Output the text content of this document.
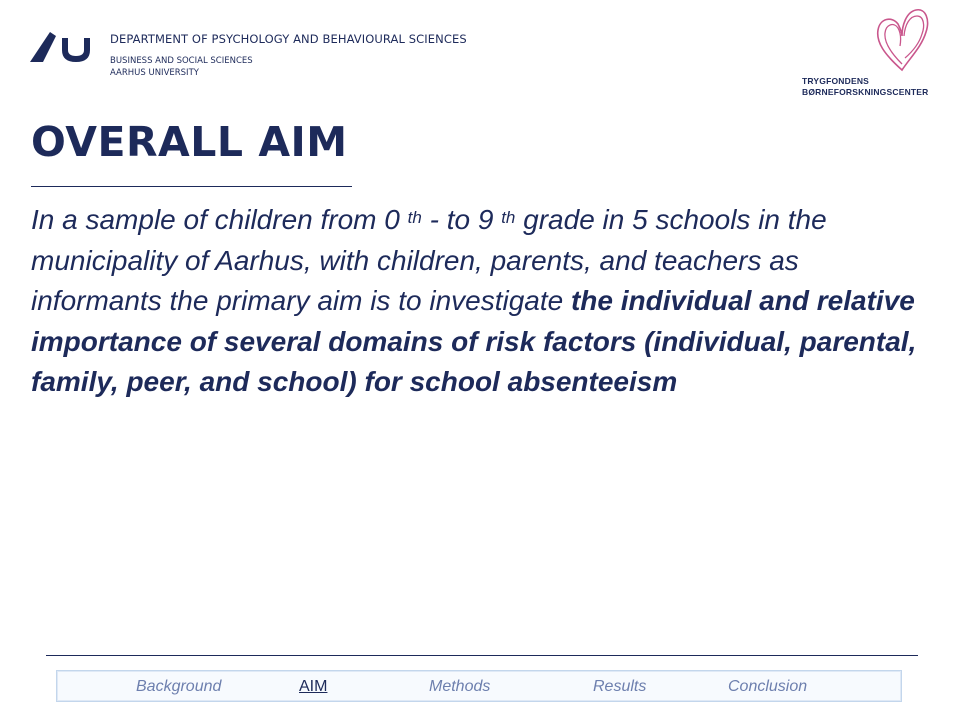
DEPARTMENT OF PSYCHOLOGY AND BEHAVIOURAL SCIENCES
BUSINESS AND SOCIAL SCIENCES
AARHUS UNIVERSITY
TRYGFONDENS
BØRNEFORSKNINGSCENTER
OVERALL AIM

In a sample of children from 0 $^{th}$ - to 9 $^{th}$ grade in 5 schools in the municipality of Aarhus, with children, parents, and teachers as informants the primary aim is to investigate the individual and relative importance of several domains of risk factors (individual, parental, family, peer, and school) for school absenteeism

Background	AIM	Methods	Results	Conclusion
